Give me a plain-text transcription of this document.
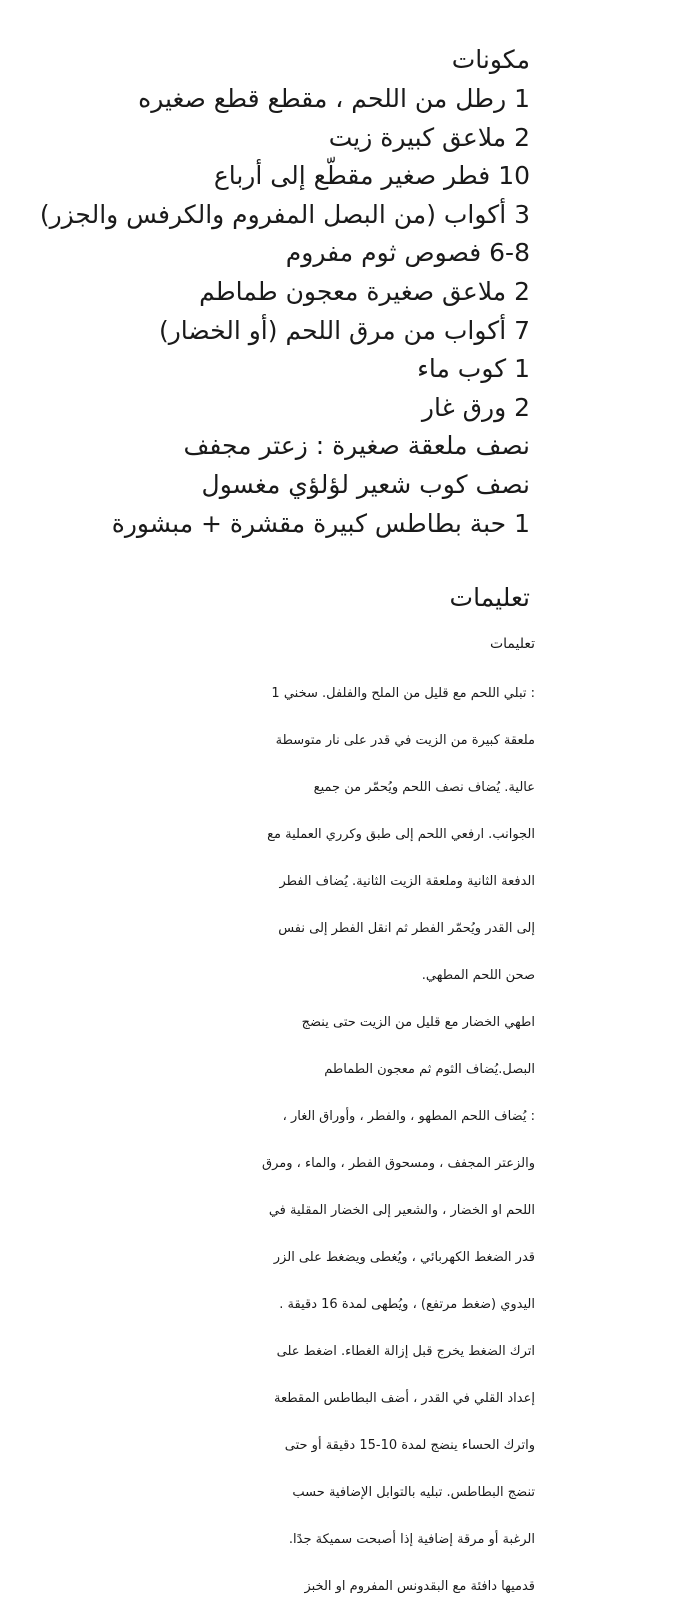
مكونات
1 رطل من اللحم ، مقطع قطع صغيره
2 ملاعق كبيرة زيت
10 فطر صغير مقطّع إلى أرباع
3 أكواب (من البصل المفروم والكرفس والجزر)
6-8 فصوص ثوم مفروم
2 ملاعق صغيرة معجون طماطم
7 أكواب من مرق اللحم (أو الخضار)
1 كوب ماء
2 ورق غار
نصف ملعقة صغيرة : زعتر مجفف
نصف كوب شعير لؤلؤي مغسول
1 حبة بطاطس كبيرة مقشرة + مبشورة
تعليمات
تعليمات

: تبلي اللحم مع قليل من الملح والفلفل. سخني 1

ملعقة كبيرة من الزيت في قدر على نار متوسطة

عالية. يُضاف نصف اللحم ويُحمّر من جميع

الجوانب. ارفعي اللحم إلى طبق وكرري العملية مع

الدفعة الثانية وملعقة الزيت الثانية. يُضاف الفطر

إلى القدر ويُحمّر الفطر ثم انقل الفطر إلى نفس

صحن اللحم المطهي.

اطهي الخضار مع قليل من الزيت حتى ينضج

البصل.يُضاف الثوم ثم معجون الطماطم

: يُضاف اللحم المطهو ، والفطر ، وأوراق الغار ،

والزعتر المجفف ، ومسحوق الفطر ، والماء ، ومرق

اللحم او الخضار ، والشعير إلى الخضار المقلية في

قدر الضغط الكهربائي ، ويُغطى ويضغط على الزر

اليدوي (ضغط مرتفع) ، ويُطهى لمدة 16 دقيقة .

اترك الضغط يخرج قبل إزالة الغطاء. اضغط على

إعداد القلي في القدر ، أضف البطاطس المقطعة

واترك الحساء ينضج لمدة 10-15 دقيقة أو حتى

تنضج البطاطس. تبليه بالتوابل الإضافية حسب

الرغبة أو مرقة إضافية إذا أصبحت سميكة جدًا.

قدميها دافئة مع البقدونس المفروم او الخبز
